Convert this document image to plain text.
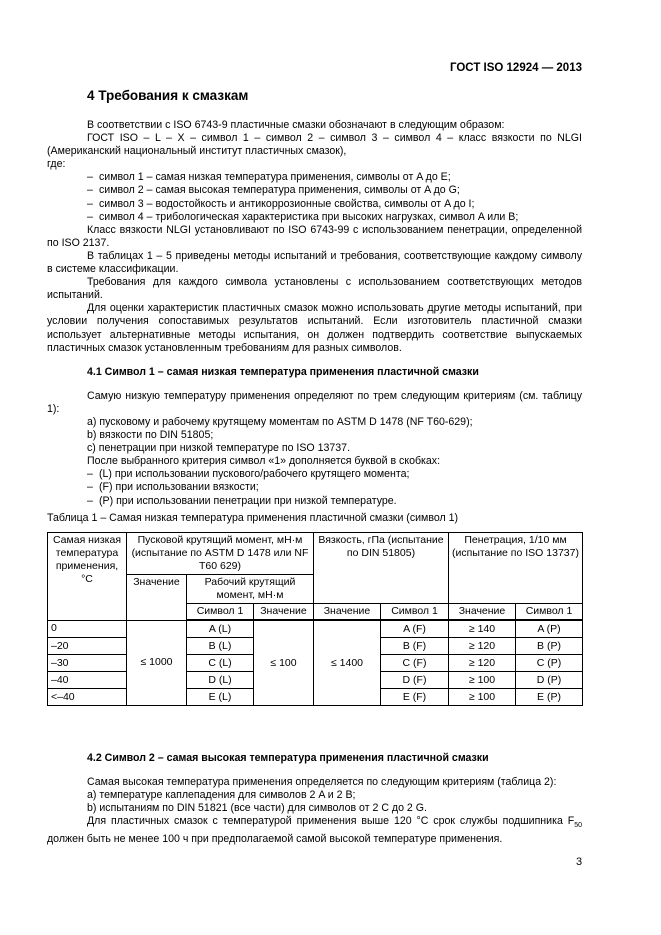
ГОСТ ISO 12924 — 2013
4 Требования к смазкам

В соответствии с ISO 6743-9 пластичные смазки обозначают в следующим образом:

ГОСТ ISO – L – X – символ 1 – символ 2 – символ 3 – символ 4 – класс вязкости по NLGI (Американский национальный институт пластичных смазок),

где:

– символ 1 – самая низкая температура применения, символы от A до E;

– символ 2 – самая высокая температура применения, символы от A до G;

– символ 3 – водостойкость и антикоррозионные свойства, символы от A до I;

– символ 4 – трибологическая характеристика при высоких нагрузках, символ A или B;

Класс вязкости NLGI установливают по ISO 6743-99 с использованием пенетрации, определенной по ISO 2137.

В таблицах 1 – 5 приведены методы испытаний и требования, соответствующие каждому символу в системе классификации.

Требования для каждого символа установлены с использованием соответствующих методов испытаний.

Для оценки характеристик пластичных смазок можно использовать другие методы испытаний, при условии получения сопоставимых результатов испытаний. Если изготовитель пластичной смазки использует альтернативные методы испытания, он должен подтвердить соответствие выпускаемых пластичных смазок установленным требованиям для разных символов.

4.1 Символ 1 – самая низкая температура применения пластичной смазки

Самую низкую температуру применения определяют по трем следующим критериям (см. таблицу 1):

a) пусковому и рабочему крутящему моментам по ASTM D 1478 (NF T60-629);

b) вязкости по DIN 51805;

c) пенетрации при низкой температуре по ISO 13737.

После выбранного критерия символ «1» дополняется буквой в скобках:

– (L) при использовании пускового/рабочего крутящего момента;

– (F) при использовании вязкости;

– (P) при использовании пенетрации при низкой температуре.

Таблица 1 – Самая низкая температура применения пластичной смазки (символ 1)

Самая низкая температура применения, °С	Пусковой крутящий момент, мН·м (испытание по ASTM D 1478 или NF T60 629)			Вязкость, гПа (испытание по DIN 51805)		Пенетрация, 1/10 мм (испытание по ISO 13737)	
	Значение	Рабочий крутящий момент, мН·м					
		Символ 1	Значение	Значение	Символ 1	Значение	Символ 1
0	≤ 1000	A (L)	≤ 100	≤ 1400	A (F)	≥ 140	A (P)
–20		B (L)			B (F)	≥ 120	B (P)
–30		C (L)			C (F)	≥ 120	C (P)
–40		D (L)			D (F)	≥ 100	D (P)
<–40		E (L)			E (F)	≥ 100	E (P)

4.2 Символ 2 – самая высокая температура применения пластичной смазки

Самая высокая температура применения определяется по следующим критериям (таблица 2):

a) температуре каплепадения для символов 2 A и 2 B;

b) испытаниям по DIN 51821 (все части) для символов от 2 C до 2 G.

Для пластичных смазок с температурой применения выше 120 °С срок службы подшипника $F_{50}$ должен быть не менее 100 ч при предполагаемой самой высокой температуре применения.

3
